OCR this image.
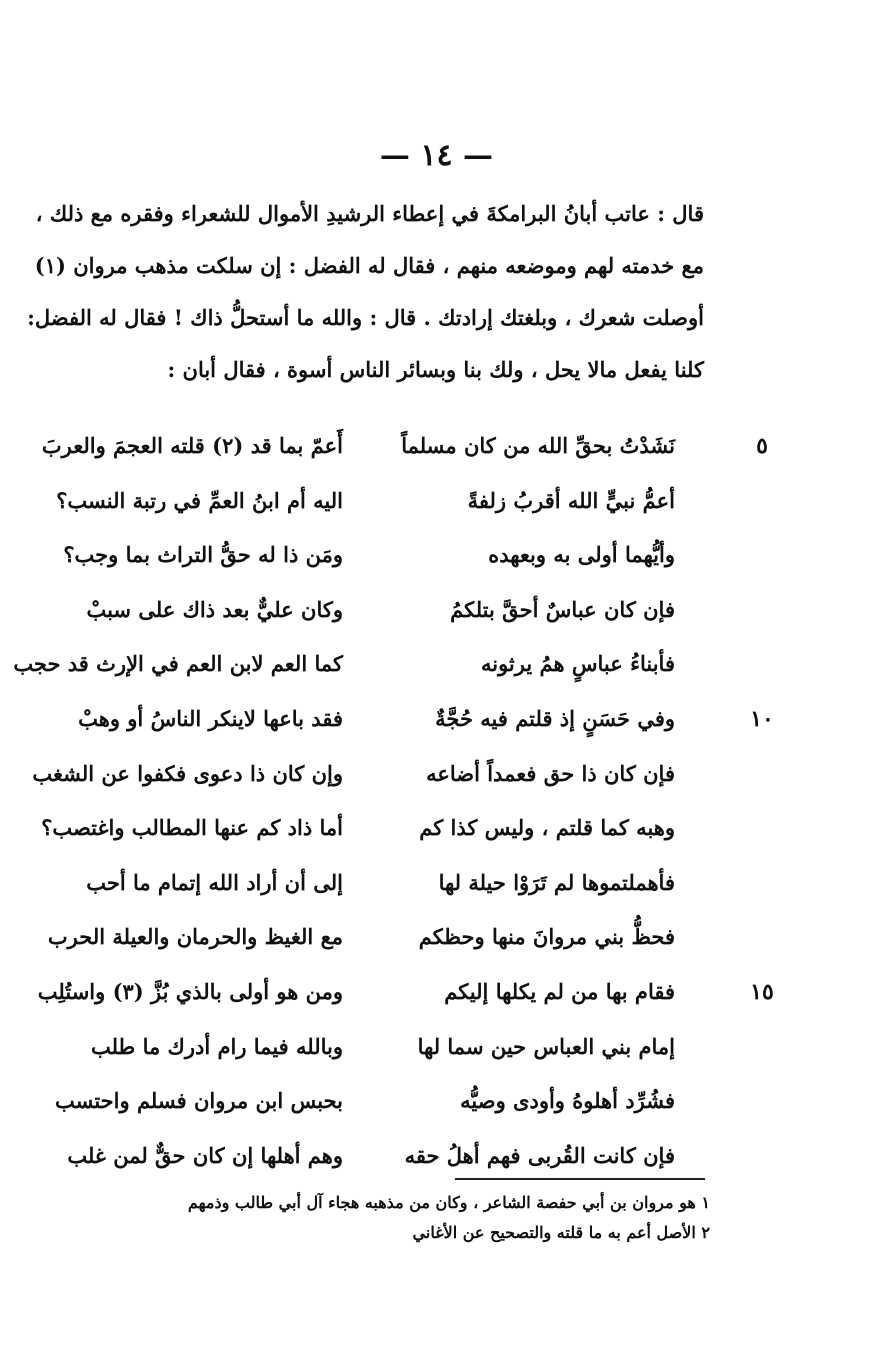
— ١٤ —

قال : عاتب أبانُ البرامكةَ في إعطاء الرشيدِ الأموال للشعراء وفقره مع ذلك ،

مع خدمته لهم وموضعه منهم ، فقال له الفضل : إن سلكت مذهب مروان (١)

أوصلت شعرك ، وبلغتك إرادتك . قال : والله ما أستحلُّ ذاك ! فقال له الفضل:

كلنا يفعل مالا يحل ، ولك بنا وبسائر الناس أسوة ، فقال أبان :

نَشَدْتُ بحقِّ الله من كان مسلماً
أَعمّ بما قد (٢) قلته العجمَ والعربَ	٥
أعمُّ نبيٍّ الله أقربُ زلفةً
اليه أم ابنُ العمِّ في رتبة النسب؟
وأيُّهما أولى به وبعهده
ومَن ذا له حقُّ التراث بما وجب؟
فإن كان عباسٌ أحقَّ بتلكمُ
وكان عليٌّ بعد ذاك على سببْ
فأبناءُ عباسٍ همُ يرثونه
كما العم لابن العم في الإرث قد حجب
وفي حَسَنٍ إذ قلتم فيه حُجَّةٌ
فقد باعها لاينكر الناسُ أو وهبْ	١٠
فإن كان ذا حق فعمداً أضاعه
وإن كان ذا دعوى فكفوا عن الشغب
وهبه كما قلتم ، وليس كذا كم
أما ذاد كم عنها المطالب واغتصب؟
فأهملتموها لم تَرَوْا حيلة لها
إلى أن أراد الله إتمام ما أحب
فحظُّ بني مروانَ منها وحظكم
مع الغيظ والحرمان والعيلة الحرب
فقام بها من لم يكلها إليكم
ومن هو أولى بالذي بُزَّ (٣) واستُلِب	١٥
إمام بني العباس حين سما لها
وبالله فيما رام أدرك ما طلب
فشُرِّد أهلوهُ وأودى وصيُّه
بحبس ابن مروان فسلم واحتسب
فإن كانت القُربى فهم أهلُ حقه
وهم أهلها إن كان حقٌّ لمن غلب

١ هو مروان بن أبي حفصة الشاعر ، وكان من مذهبه هجاء آل أبي طالب وذمهم

٢ الأصل أعم به ما قلته والتصحيح عن الأغاني
